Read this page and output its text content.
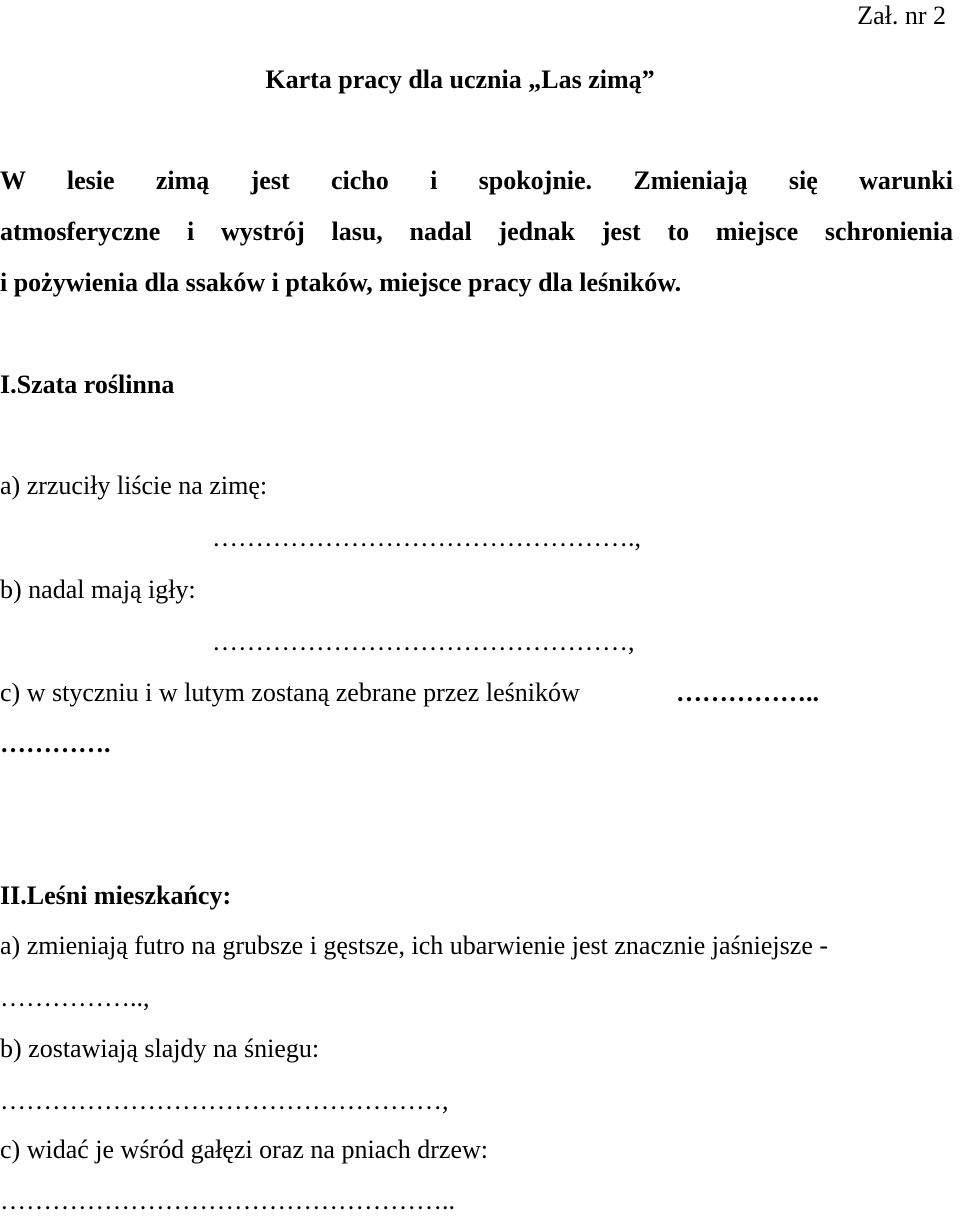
Zał. nr 2
Karta pracy dla ucznia „Las zimą”
W lesie zimą jest cicho i spokojnie. Zmieniają się warunki
atmosferyczne i wystrój lasu, nadal jednak jest to miejsce schronienia
i pożywienia dla ssaków i ptaków, miejsce pracy dla leśników.
I.Szata roślinna
a) zrzuciły liście na zimę:
………………………………………….,
b) nadal mają igły:
…………………………………………,
c) w styczniu i w lutym zostaną zebrane przez leśników	……………..
………….
II.Leśni mieszkańcy:
a) zmieniają futro na grubsze i gęstsze, ich ubarwienie jest znacznie jaśniejsze -
……………..,
b) zostawiają slajdy na śniegu:
……………………………………………,
c) widać je wśród gałęzi oraz na pniach drzew:
……………………………………………..
